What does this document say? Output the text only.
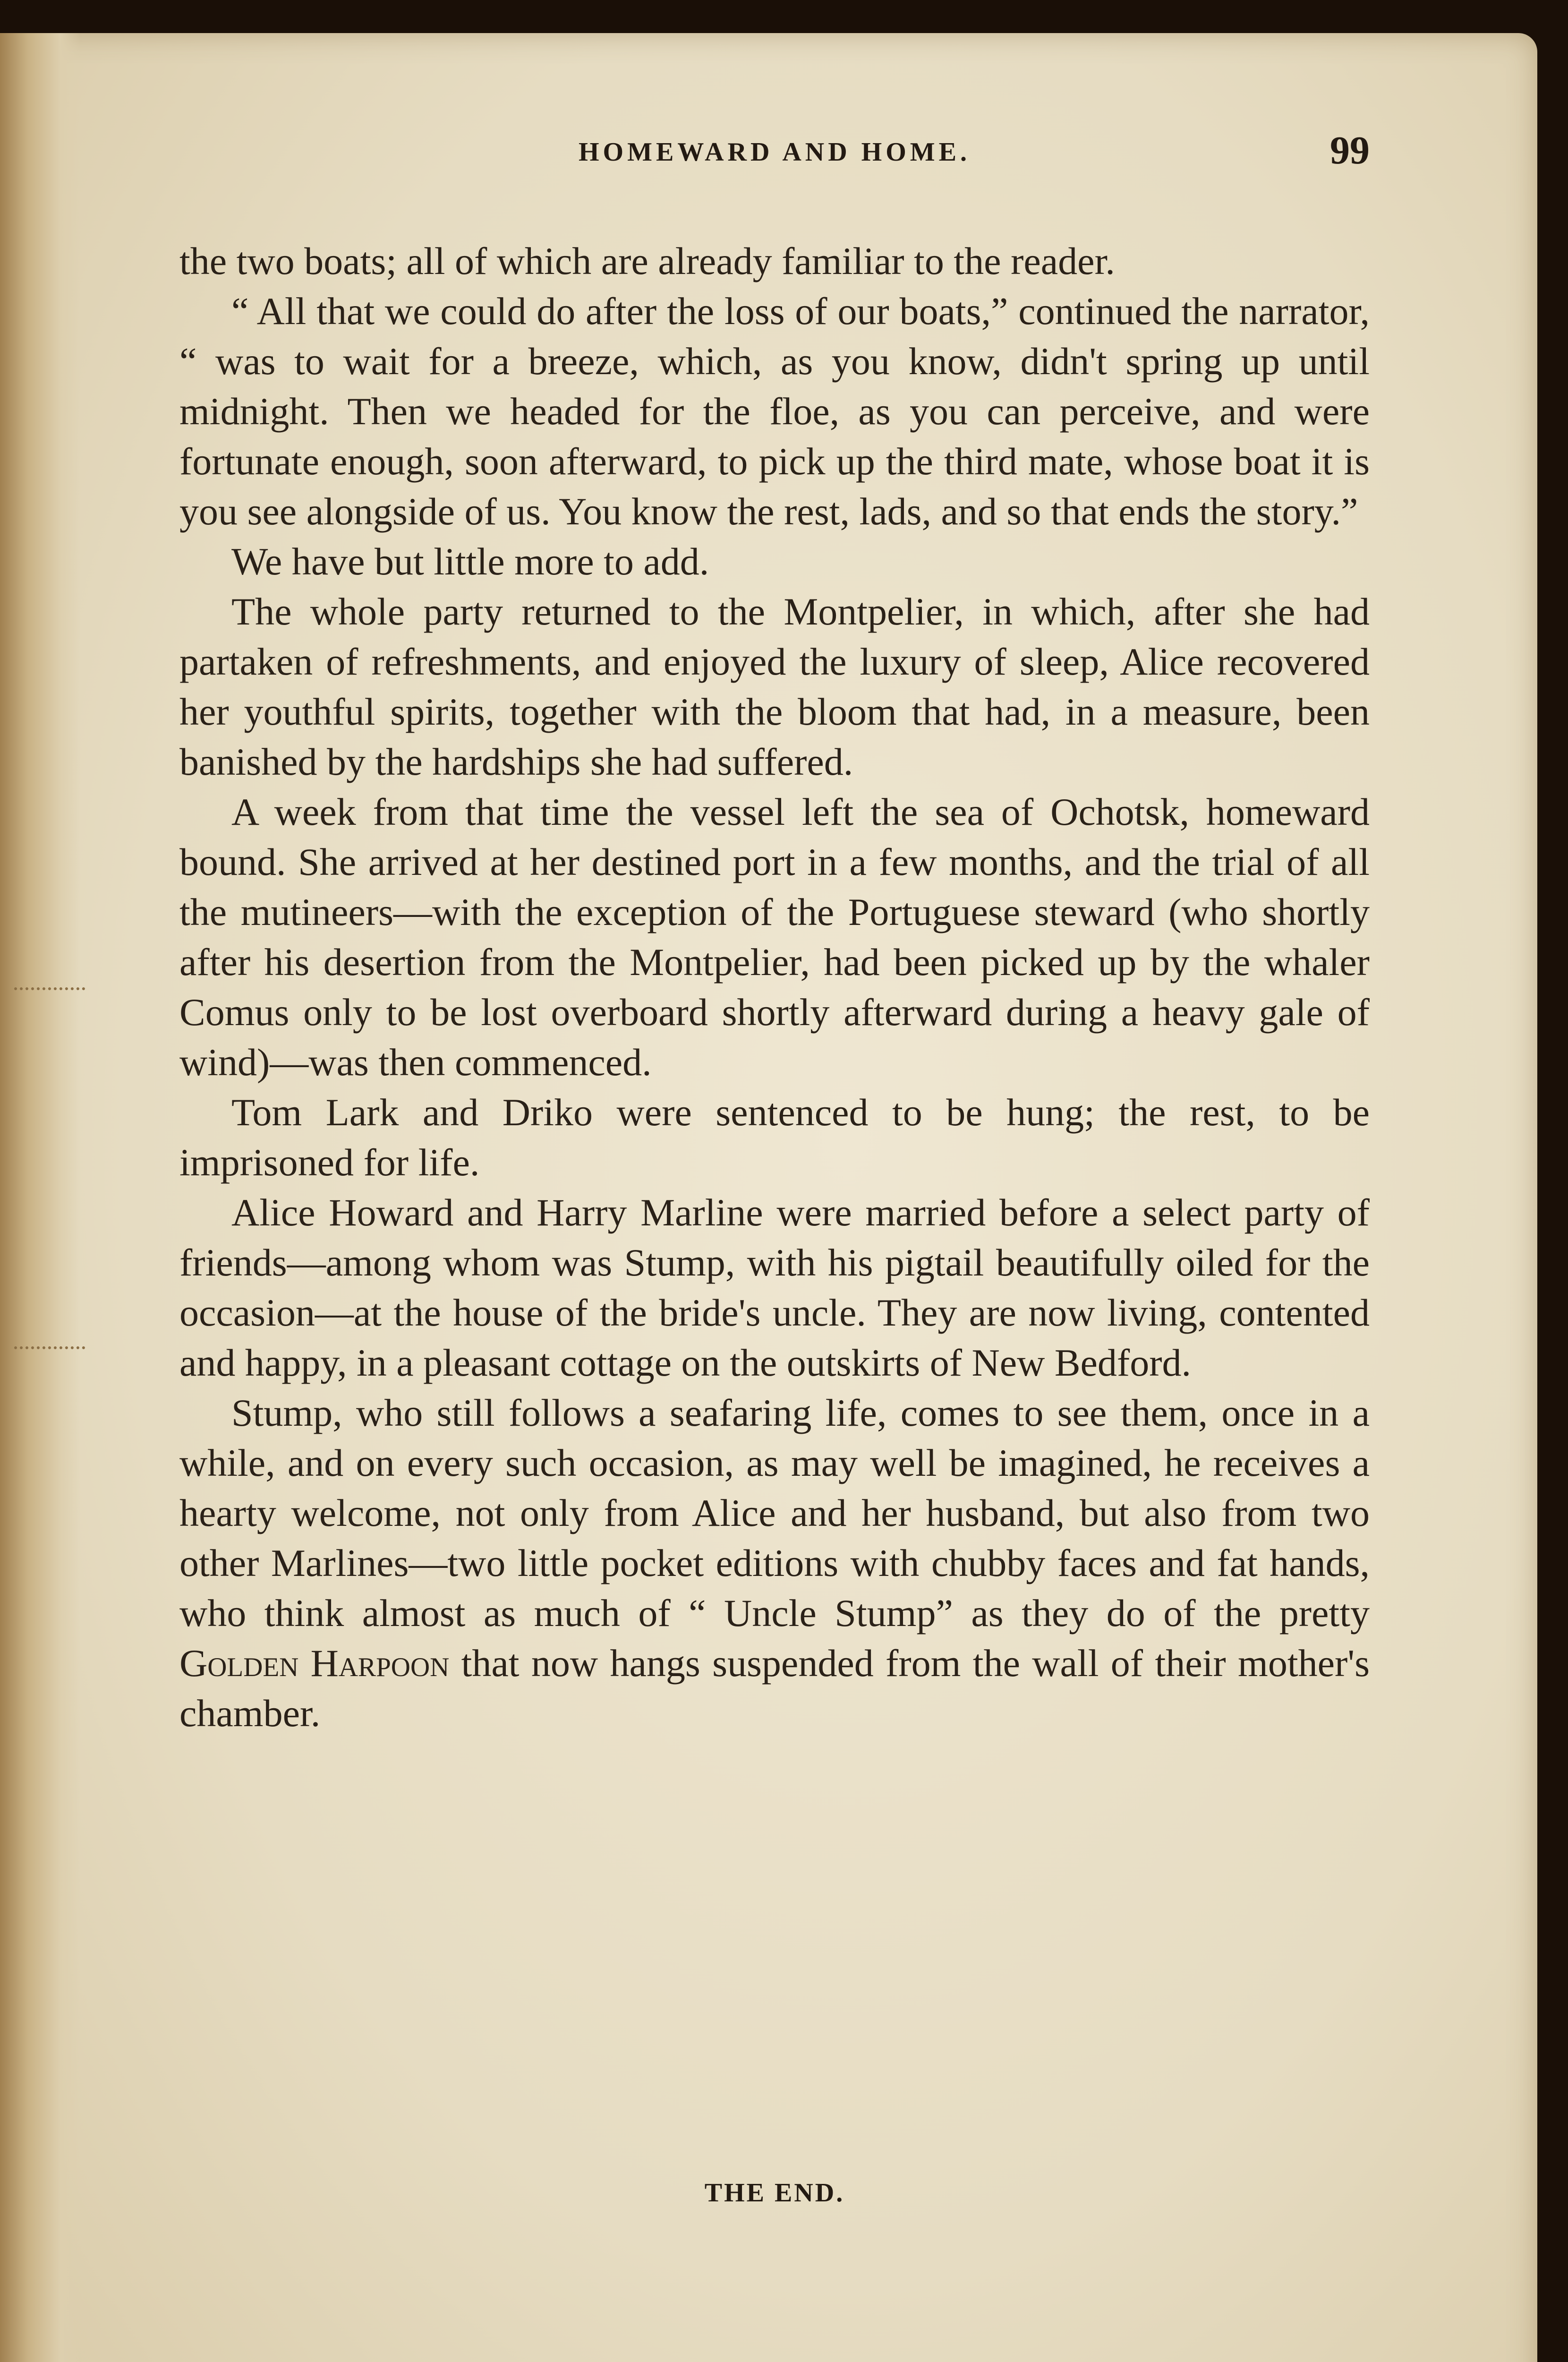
HOMEWARD AND HOME.	99

the two boats; all of which are already familiar to the reader.

“ All that we could do after the loss of our boats,” continued the narrator, “ was to wait for a breeze, which, as you know, didn't spring up until midnight. Then we headed for the floe, as you can perceive, and were fortunate enough, soon afterward, to pick up the third mate, whose boat it is you see alongside of us. You know the rest, lads, and so that ends the story.”

We have but little more to add.

The whole party returned to the Montpelier, in which, after she had partaken of refreshments, and enjoyed the luxury of sleep, Alice recovered her youthful spirits, together with the bloom that had, in a measure, been banished by the hardships she had suffered.

A week from that time the vessel left the sea of Ochotsk, homeward bound. She arrived at her destined port in a few months, and the trial of all the mutineers—with the exception of the Portuguese steward (who shortly after his desertion from the Montpelier, had been picked up by the whaler Comus only to be lost overboard shortly afterward during a heavy gale of wind)—was then commenced.

Tom Lark and Driko were sentenced to be hung; the rest, to be imprisoned for life.

Alice Howard and Harry Marline were married before a select party of friends—among whom was Stump, with his pigtail beautifully oiled for the occasion—at the house of the bride's uncle. They are now living, contented and happy, in a pleasant cottage on the outskirts of New Bedford.

Stump, who still follows a seafaring life, comes to see them, once in a while, and on every such occasion, as may well be imagined, he receives a hearty welcome, not only from Alice and her husband, but also from two other Marlines—two little pocket editions with chubby faces and fat hands, who think almost as much of “ Uncle Stump” as they do of the pretty Golden Harpoon that now hangs suspended from the wall of their mother's chamber.

THE END.
